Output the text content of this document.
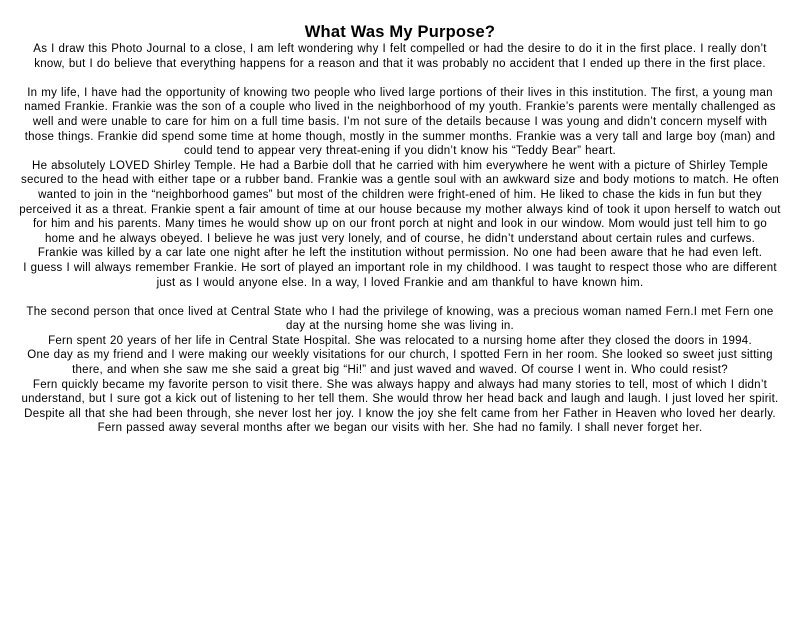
What Was My Purpose?

As I draw this Photo Journal to a close, I am left wondering why I felt compelled or had the desire to do it in the first place. I really don’t know, but I do believe that everything happens for a reason and that it was probably no accident that I ended up there in the first place.

In my life, I have had the opportunity of knowing two people who lived large portions of their lives in this institution. The first, a young man named Frankie. Frankie was the son of a couple who lived in the neighborhood of my youth. Frankie’s parents were mentally challenged as well and were unable to care for him on a full time basis. I’m not sure of the details because I was young and didn’t concern myself with those things. Frankie did spend some time at home though, mostly in the summer months. Frankie was a very tall and large boy (man) and could tend to appear very threat-ening if you didn’t know his “Teddy Bear” heart.

He absolutely LOVED Shirley Temple. He had a Barbie doll that he carried with him everywhere he went with a picture of Shirley Temple secured to the head with either tape or a rubber band. Frankie was a gentle soul with an awkward size and body motions to match. He often wanted to join in the “neighborhood games” but most of the children were fright-ened of him. He liked to chase the kids in fun but they perceived it as a threat. Frankie spent a fair amount of time at our house because my mother always kind of took it upon herself to watch out for him and his parents. Many times he would show up on our front porch at night and look in our window. Mom would just tell him to go home and he always obeyed. I believe he was just very lonely, and of course, he didn’t understand about certain rules and curfews.

Frankie was killed by a car late one night after he left the institution without permission. No one had been aware that he had even left.

I guess I will always remember Frankie. He sort of played an important role in my childhood. I was taught to respect those who are different just as I would anyone else. In a way, I loved Frankie and am thankful to have known him.

The second person that once lived at Central State who I had the privilege of knowing, was a precious woman named Fern.I met Fern one day at the nursing home she was living in.

Fern spent 20 years of her life in Central State Hospital. She was relocated to a nursing home after they closed the doors in 1994.

One day as my friend and I were making our weekly visitations for our church, I spotted Fern in her room. She looked so sweet just sitting there, and when she saw me she said a great big “Hi!” and just waved and waved. Of course I went in. Who could resist?

Fern quickly became my favorite person to visit there. She was always happy and always had many stories to tell, most of which I didn’t understand, but I sure got a kick out of listening to her tell them. She would throw her head back and laugh and laugh. I just loved her spirit. Despite all that she had been through, she never lost her joy. I know the joy she felt came from her Father in Heaven who loved her dearly. Fern passed away several months after we began our visits with her. She had no family. I shall never forget her.
